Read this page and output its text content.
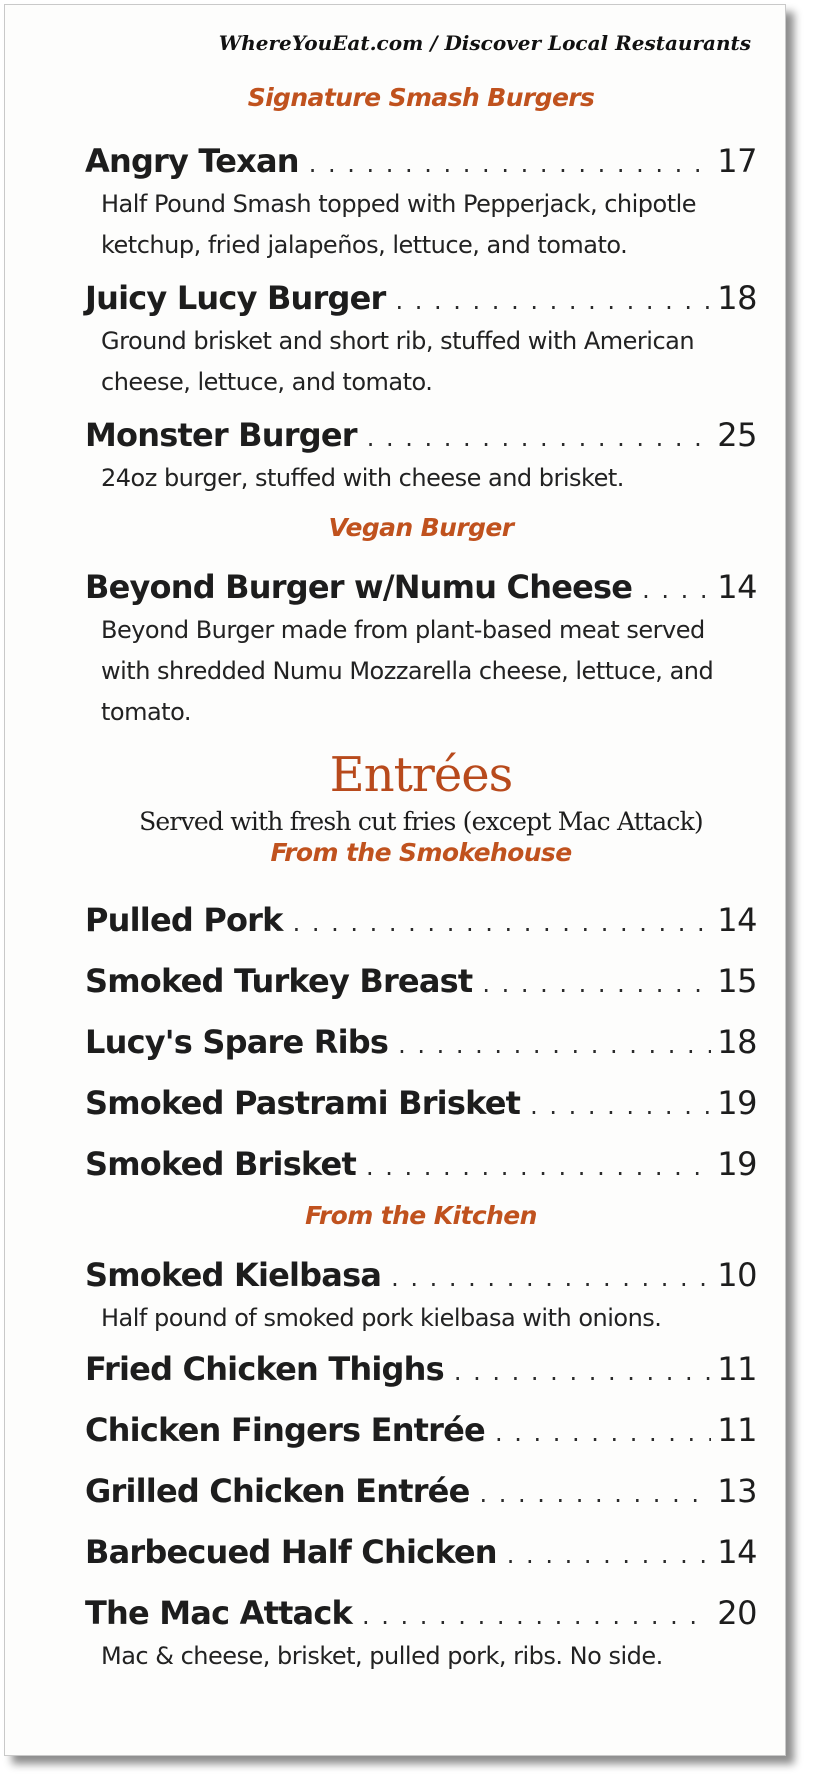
WhereYouEat.com / Discover Local Restaurants
Signature Smash Burgers
Angry Texan . . .	17
Half Pound Smash topped with Pepperjack, chipotle ketchup, fried jalapeños, lettuce, and tomato.
Juicy Lucy Burger . . .	18
Ground brisket and short rib, stuffed with American cheese, lettuce, and tomato.
Monster Burger . . .	25
24oz burger, stuffed with cheese and brisket.
Vegan Burger
Beyond Burger w/Numu Cheese . . .	14
Beyond Burger made from plant-based meat served with shredded Numu Mozzarella cheese, lettuce, and tomato.
Entrées
Served with fresh cut fries (except Mac Attack)
From the Smokehouse
Pulled Pork . . .	14
Smoked Turkey Breast . . .	15
Lucy's Spare Ribs . . .	18
Smoked Pastrami Brisket . . .	19
Smoked Brisket . . .	19
From the Kitchen
Smoked Kielbasa . . .	10
Half pound of smoked pork kielbasa with onions.
Fried Chicken Thighs . . .	11
Chicken Fingers Entrée . . .	11
Grilled Chicken Entrée . . .	13
Barbecued Half Chicken . . .	14
The Mac Attack . . .	20
Mac & cheese, brisket, pulled pork, ribs. No side.
